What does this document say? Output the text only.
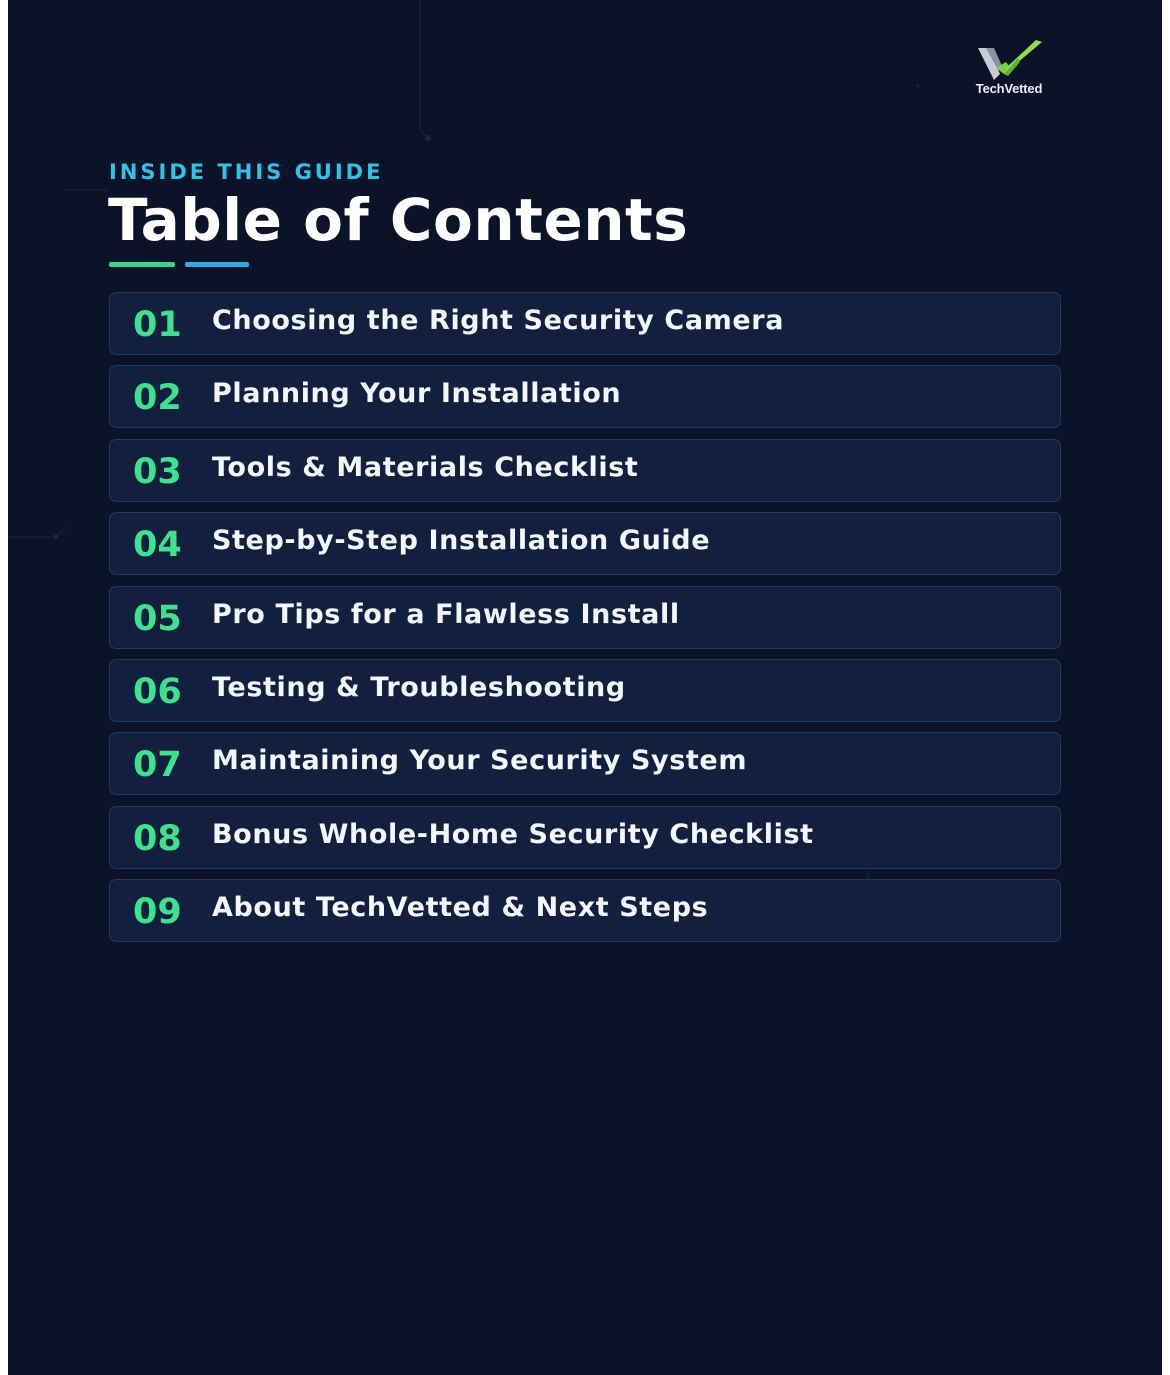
TechVetted
INSIDE THIS GUIDE
Table of Contents
01 Choosing the Right Security Camera
02 Planning Your Installation
03 Tools & Materials Checklist
04 Step-by-Step Installation Guide
05 Pro Tips for a Flawless Install
06 Testing & Troubleshooting
07 Maintaining Your Security System
08 Bonus Whole-Home Security Checklist
09 About TechVetted & Next Steps
